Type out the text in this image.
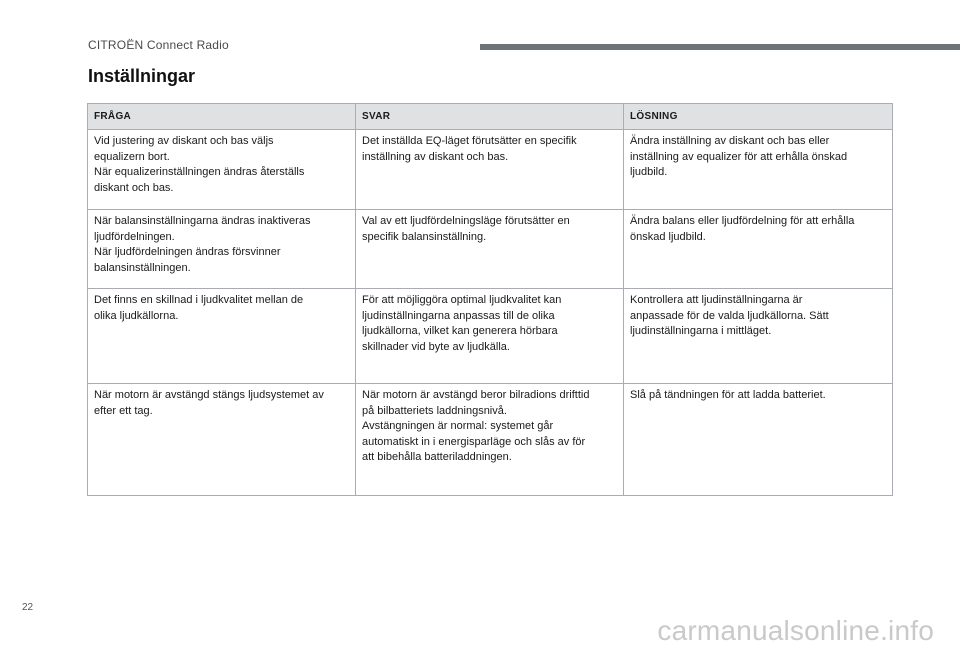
CITROËN Connect Radio
Inställningar
FRÅGA	SVAR	LÖSNING

Vid justering av diskant och bas väljs
equalizern bort.
När equalizerinställningen ändras återställs
diskant och bas.	Det inställda EQ-läget förutsätter en specifik
inställning av diskant och bas.	Ändra inställning av diskant och bas eller
inställning av equalizer för att erhålla önskad
ljudbild.

När balansinställningarna ändras inaktiveras
ljudfördelningen.
När ljudfördelningen ändras försvinner
balansinställningen.	Val av ett ljudfördelningsläge förutsätter en
specifik balansinställning.	Ändra balans eller ljudfördelning för att erhålla
önskad ljudbild.

Det finns en skillnad i ljudkvalitet mellan de
olika ljudkällorna.	För att möjliggöra optimal ljudkvalitet kan
ljudinställningarna anpassas till de olika
ljudkällorna, vilket kan generera hörbara
skillnader vid byte av ljudkälla.	Kontrollera att ljudinställningarna är
anpassade för de valda ljudkällorna. Sätt
ljudinställningarna i mittläget.

När motorn är avstängd stängs ljudsystemet av
efter ett tag.	När motorn är avstängd beror bilradions drifttid
på bilbatteriets laddningsnivå.
Avstängningen är normal: systemet går
automatiskt in i energisparläge och slås av för
att bibehålla batteriladdningen.	Slå på tändningen för att ladda batteriet.
22
carmanualsonline.info
